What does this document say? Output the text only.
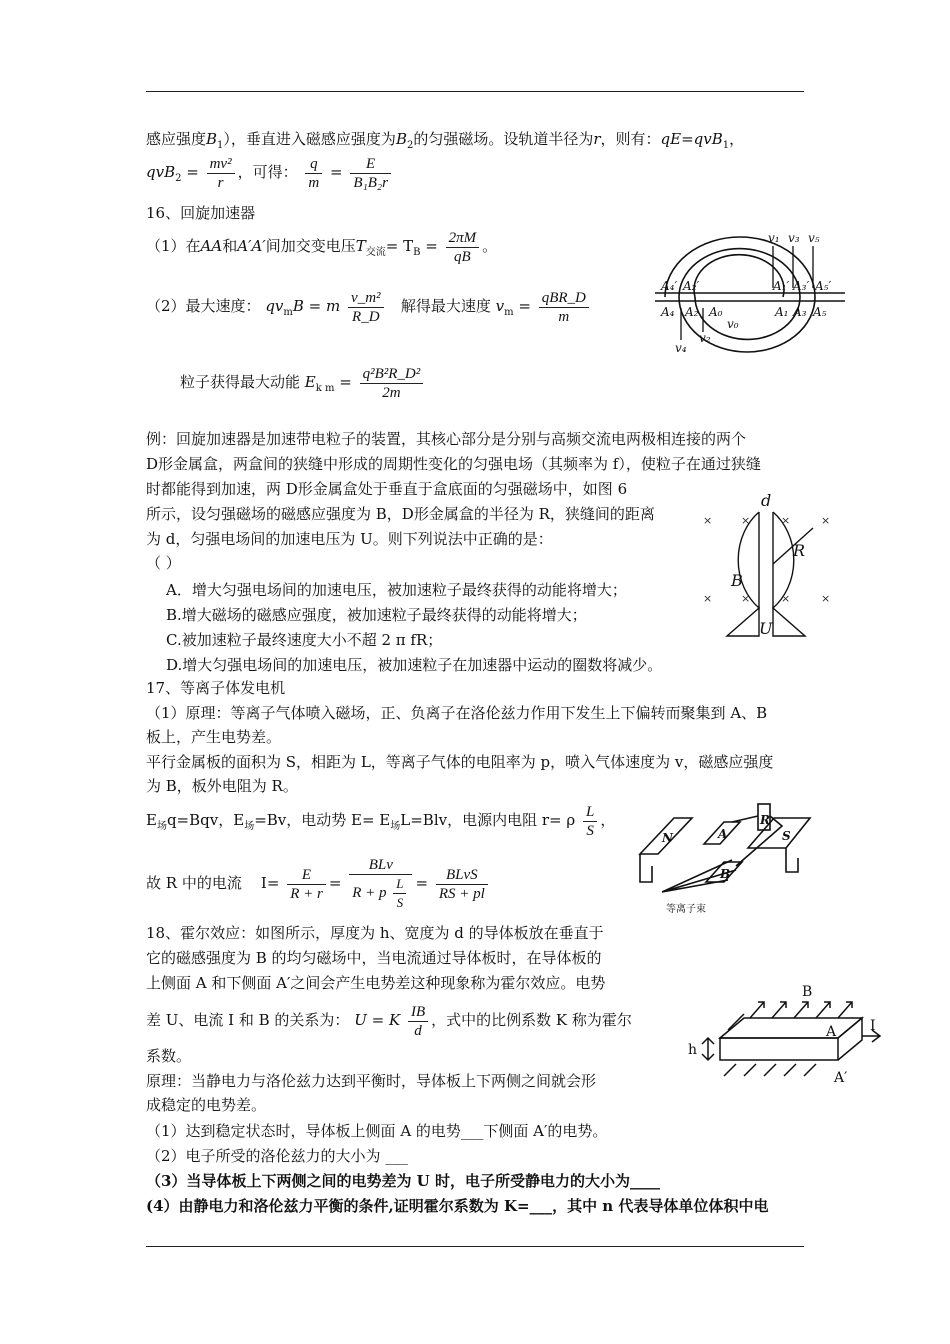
感应强度$B_1$），垂直进入磁感应强度为$B_2$的匀强磁场。设轨道半径为r，则有：qE=qvB$_1$，
$qvB_2 = \frac{\text{mv²}}{r}$ ，可得： $\frac{q}{m} = \frac{E}{\text{B₁B₂r}}$
16、回旋加速器
（1）在AA和A′A′间加交变电压$T_{交流}= T_B = \frac{2\pi M}{qB}$ 。
（2）最大速度： $qv_mB = m \frac{\text{v\_m²}}{R\_D}$ 解得最大速度 $v_m = \frac{\text{qBR\_D}}{m}$
粒子获得最大动能 $E_{k m} = \frac{\text{q²B²R\_D²}}{2m}$
v₁ v₃ v₅
A₄′ A₂′	A₁′ A₃′ A₅′
A₄ A₂ A₀	A₁ A₃ A₅
v₀
v₂
v₄
例：回旋加速器是加速带电粒子的装置，其核心部分是分别与高频交流电两极相连接的两个
D形金属盒，两盒间的狭缝中形成的周期性变化的匀强电场（其频率为 f），使粒子在通过狭缝
时都能得到加速，两 D形金属盒处于垂直于盒底面的匀强磁场中，如图 6
所示，设匀强磁场的磁感应强度为 B，D形金属盒的半径为 R，狭缝间的距离
为 d，匀强电场间的加速电压为 U。则下列说法中正确的是：
（ ）
A．增大匀强电场间的加速电压，被加速粒子最终获得的动能将增大；
B.增大磁场的磁感应强度，被加速粒子最终获得的动能将增大；
C.被加速粒子最终速度大小不超 2 π fR；
D.增大匀强电场间的加速电压，被加速粒子在加速器中运动的圈数将减少。
d
R
B
U
×	×	×	×
×	×	×	×
17、等离子体发电机
（1）原理：等离子气体喷入磁场，正、负离子在洛伦兹力作用下发生上下偏转而聚集到 A、B
板上，产生电势差。
平行金属板的面积为 S，相距为 L，等离子气体的电阻率为 p，喷入气体速度为 v，磁感应强度
为 B，板外电阻为 R。
$E_场q=Bqv$，$E_场=Bv$，电动势 $E= E_场L=Blv$，电源内电阻 r= ρ $\frac{L}{S}$ ，
故 R 中的电流 $I= \frac{E}{R + r} = \frac{\text{BLv}}{R + p \frac{L}{S}} = \frac{\text{BLvS}}{RS + pl}$
N	A
R
S
B
等离子束
18、霍尔效应：如图所示，厚度为 h、宽度为 d 的导体板放在垂直于
它的磁感强度为 B 的均匀磁场中，当电流通过导体板时，在导体板的
上侧面 A 和下侧面 A′之间会产生电势差这种现象称为霍尔效应。电势
差 U、电流 I 和 B 的关系为： U = K $\frac{IB}{d}$ ，式中的比例系数 K 称为霍尔
系数。
原理：当静电力与洛伦兹力达到平衡时，导体板上下两侧之间就会形
成稳定的电势差。
（1）达到稳定状态时，导体板上侧面 A 的电势___下侧面 A′的电势。
（2）电子所受的洛伦兹力的大小为 ___
（3）当导体板上下两侧之间的电势差为 U 时，电子所受静电力的大小为____
(4）由静电力和洛伦兹力平衡的条件,证明霍尔系数为 K=___，其中 n 代表导体单位体积中电
B
I
A
A′
h
